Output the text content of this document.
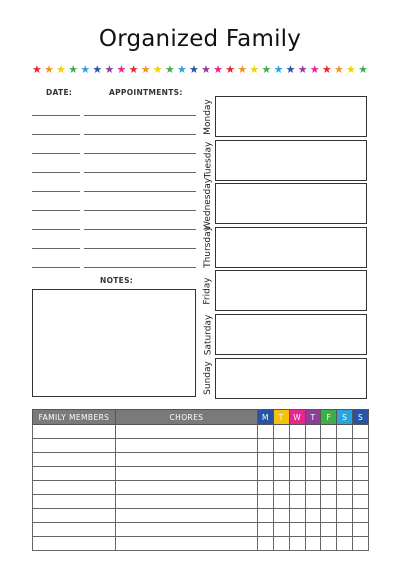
Organized Family
★ ★ ★ ★ ★ ★ ★ ★ ★ ★ ★ ★ ★ ★ ★ ★ ★ ★ ★ ★ ★ ★ ★ ★ ★ ★ ★ ★
DATE:	APPOINTMENTS:
NOTES:
Monday
Tuesday
Wednesday
Thursday
Friday
Saturday
Sunday
FAMILY MEMBERS	CHORES	M	T	W	T	F	S	S
